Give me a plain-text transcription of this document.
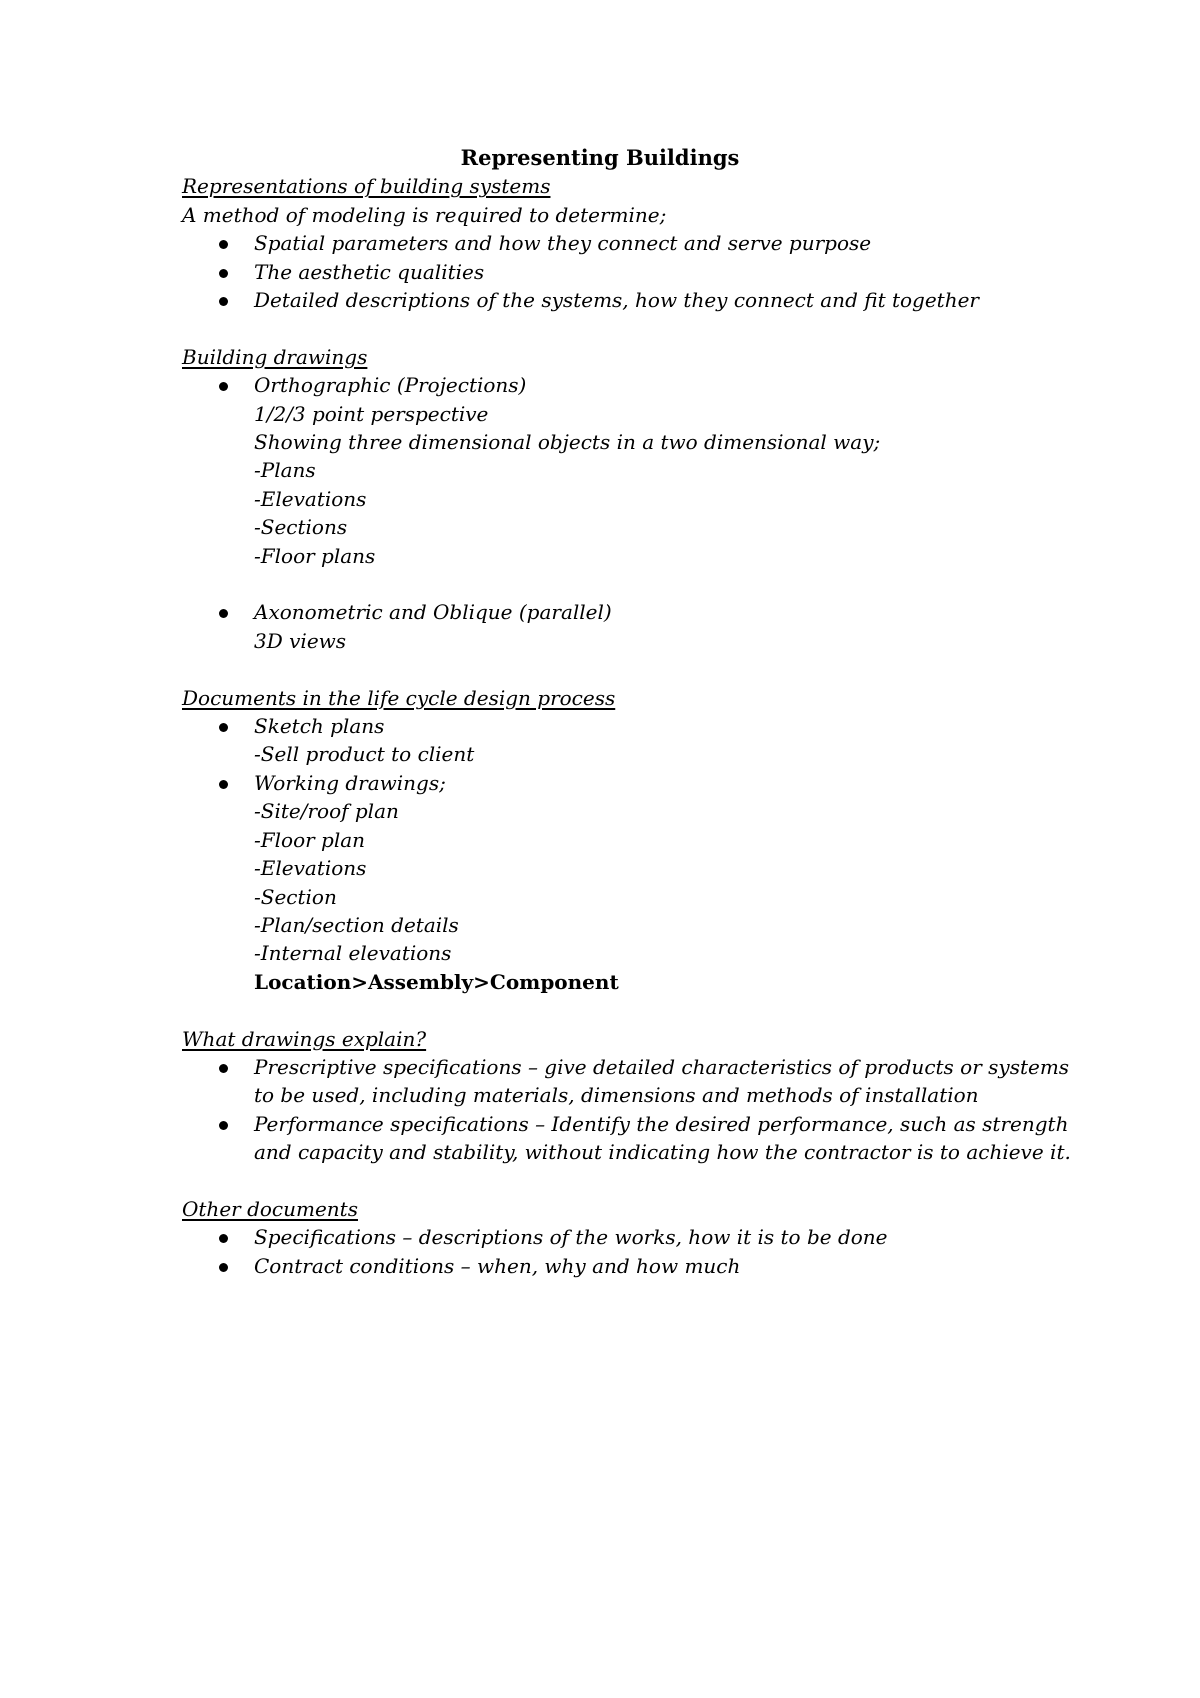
Representing Buildings
Representations of building systems
A method of modeling is required to determine;
Spatial parameters and how they connect and serve purpose
The aesthetic qualities
Detailed descriptions of the systems, how they connect and fit together
Building drawings
Orthographic (Projections)
1/2/3 point perspective
Showing three dimensional objects in a two dimensional way;
-Plans
-Elevations
-Sections
-Floor plans
Axonometric and Oblique (parallel)
3D views
Documents in the life cycle design process
Sketch plans
-Sell product to client
Working drawings;
-Site/roof plan
-Floor plan
-Elevations
-Section
-Plan/section details
-Internal elevations
Location>Assembly>Component
What drawings explain?
Prescriptive specifications – give detailed characteristics of products or systems to be used, including materials, dimensions and methods of installation
Performance specifications – Identify the desired performance, such as strength and capacity and stability, without indicating how the contractor is to achieve it.
Other documents
Specifications – descriptions of the works, how it is to be done
Contract conditions – when, why and how much
